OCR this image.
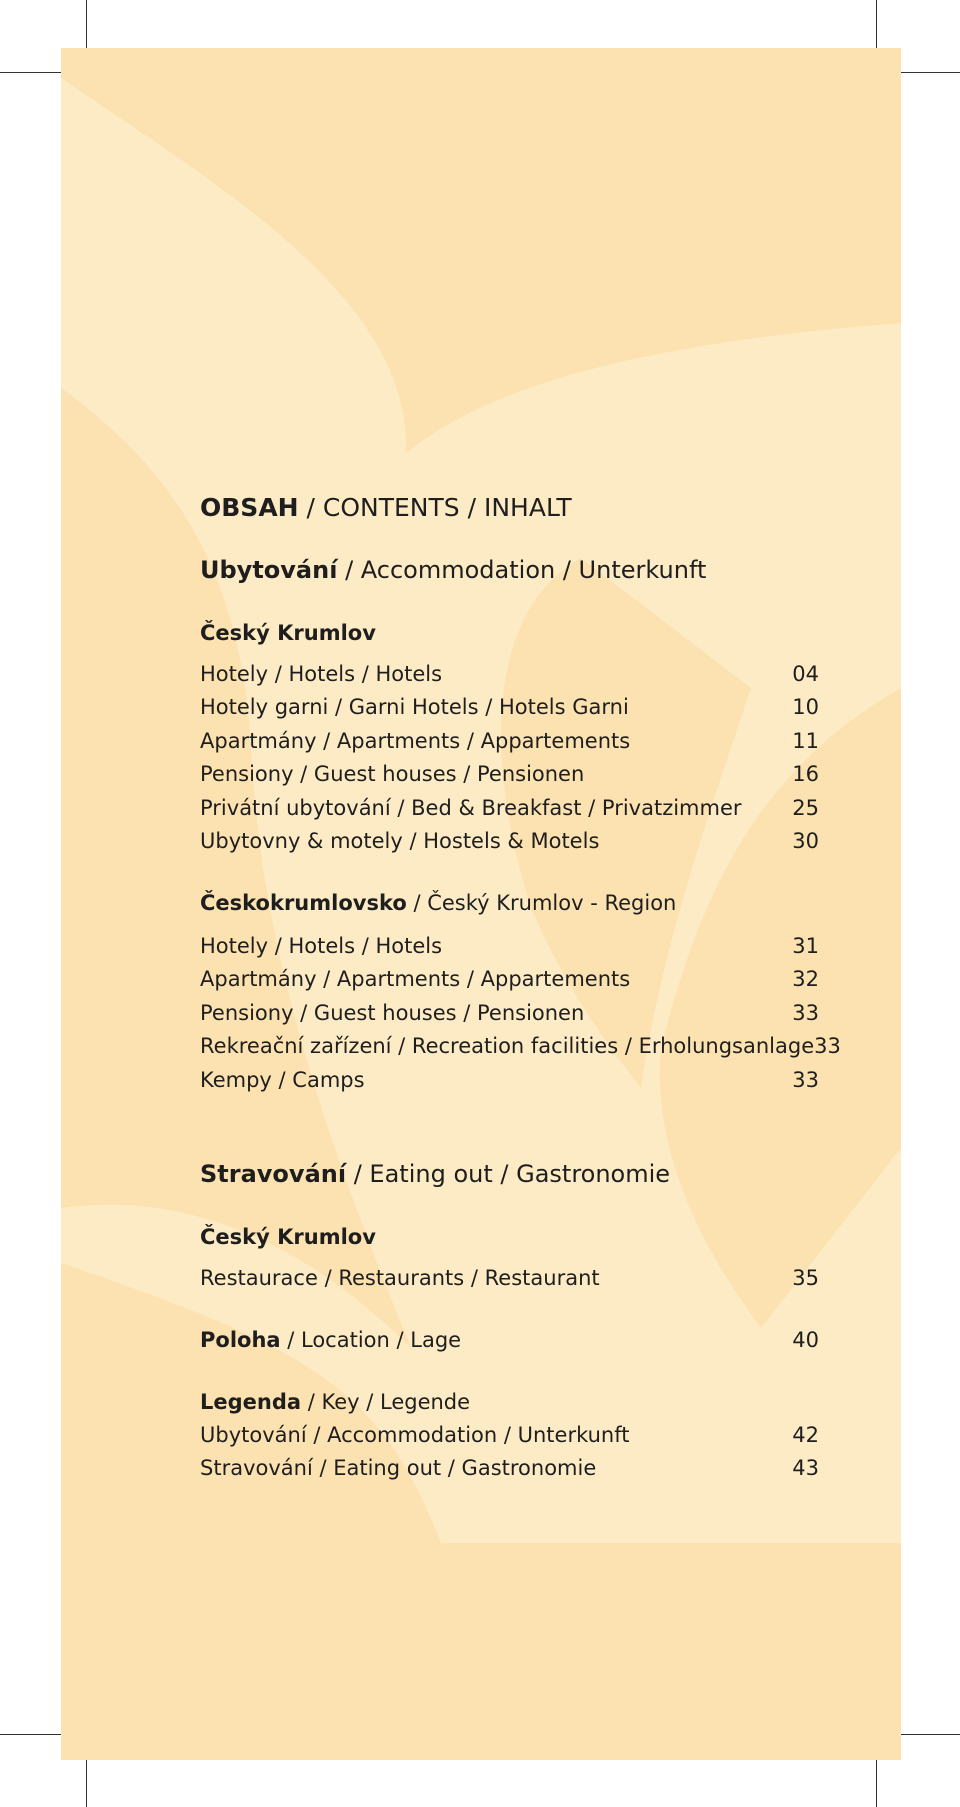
OBSAH / CONTENTS / INHALT
Ubytování / Accommodation / Unterkunft
Český Krumlov
Hotely / Hotels / Hotels	04
Hotely garni / Garni Hotels / Hotels Garni	10
Apartmány / Apartments / Appartements	11
Pensiony / Guest houses / Pensionen	16
Privátní ubytování / Bed & Breakfast / Privatzimmer 25
Ubytovny & motely / Hostels & Motels	30
Českokrumlovsko / Český Krumlov - Region
Hotely / Hotels / Hotels	31
Apartmány / Apartments / Appartements	32
Pensiony / Guest houses / Pensionen	33
Rekreační zařízení / Recreation facilities / Erholungsanlage 33
Kempy / Camps	33
Stravování / Eating out / Gastronomie
Český Krumlov
Restaurace / Restaurants / Restaurant	35
Poloha / Location / Lage	40
Legenda / Key / Legende
Ubytování / Accommodation / Unterkunft	42
Stravování / Eating out / Gastronomie	43
